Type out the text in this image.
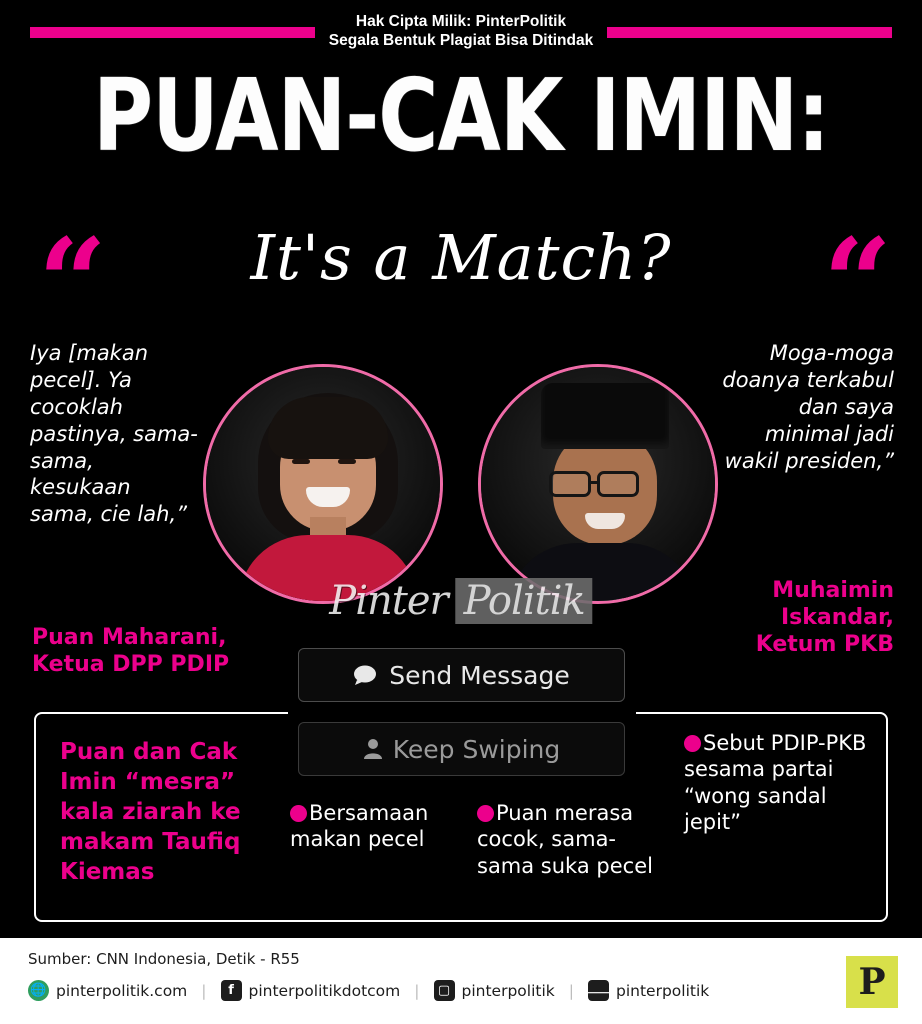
Hak Cipta Milik: PinterPolitik
Segala Bentuk Plagiat Bisa Ditindak
PUAN-CAK IMIN:
“	It's a Match?	“
Iya [makan pecel]. Ya cocoklah pastinya, sama-sama, kesukaan sama, cie lah,”
Puan Maharani, Ketua DPP PDIP
Moga-moga doanya terkabul dan saya minimal jadi wakil presiden,”
Muhaimin Iskandar, Ketum PKB
Pinter Politik
Send Message
Keep Swiping
Puan dan Cak Imin “mesra” kala ziarah ke makam Taufiq Kiemas
Bersamaan makan pecel
Puan merasa cocok, sama-sama suka pecel
Sebut PDIP-PKB sesama partai “wong sandal jepit”
Sumber: CNN Indonesia, Detik - R55
🌐 pinterpolitik.com |	f pinterpolitikdotcom |	▢ pinterpolitik | ⸺ pinterpolitik	P
